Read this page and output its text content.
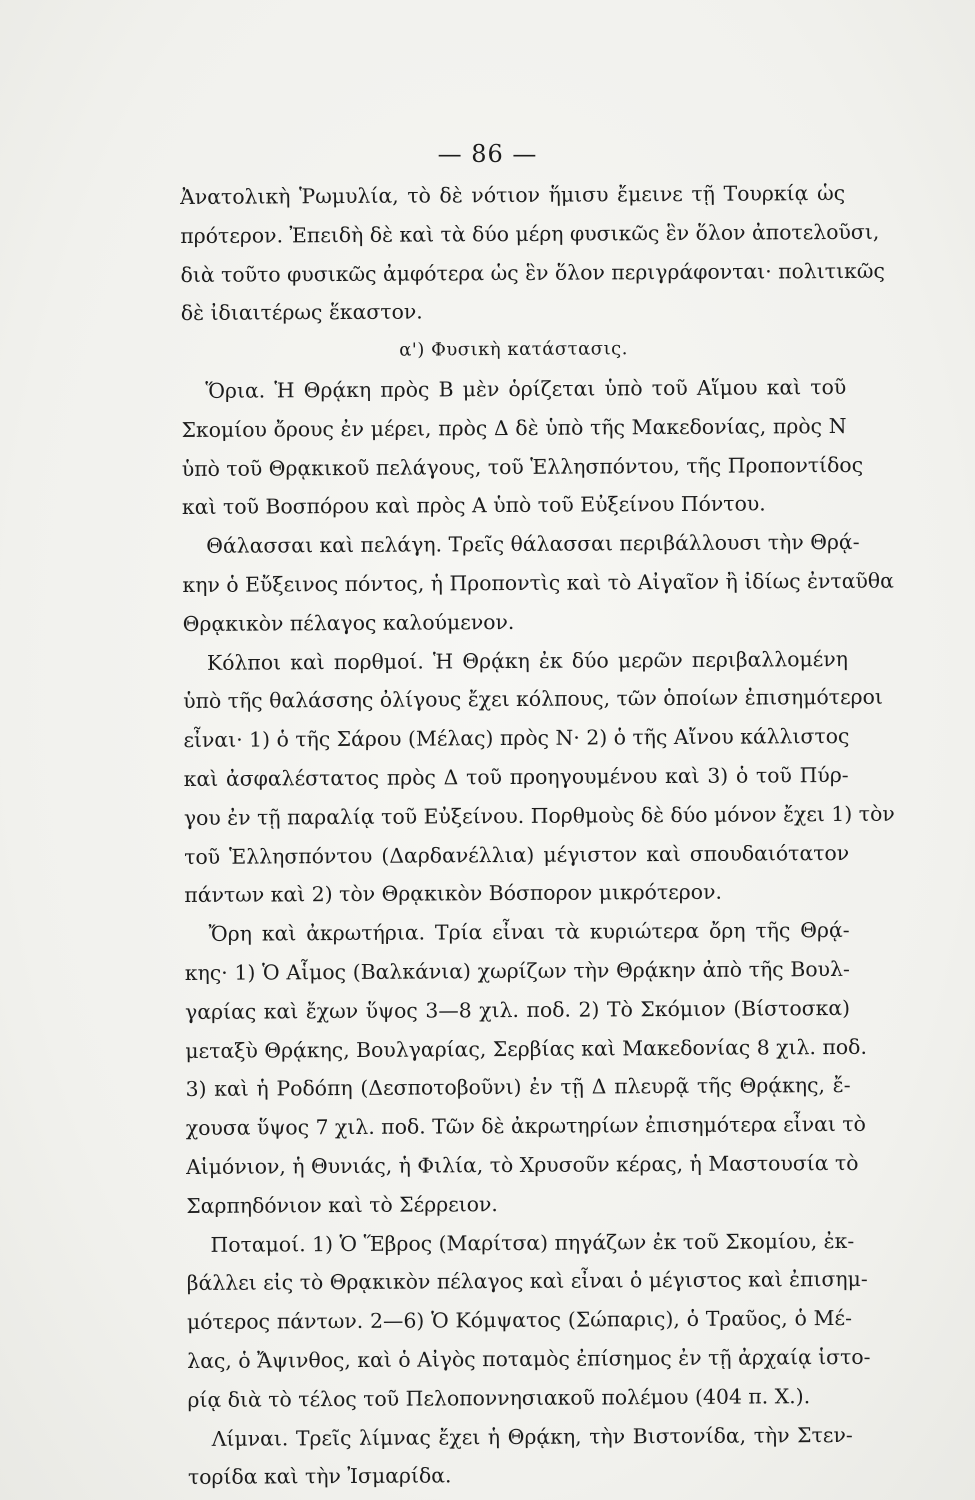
— 86 —
Ἀνατολικὴ Ῥωμυλία, τὸ δὲ νότιον ἥμισυ ἔμεινε τῇ Τουρκίᾳ ὡς
πρότερον. Ἐπειδὴ δὲ καὶ τὰ δύο μέρη φυσικῶς ἓν ὅλον ἀποτελοῦσι,
διὰ τοῦτο φυσικῶς ἀμφότερα ὡς ἓν ὅλον περιγράφονται· πολιτικῶς
δὲ ἰδιαιτέρως ἕκαστον.
α') Φυσικὴ κατάστασις.
Ὅρια. Ἡ Θρᾴκη πρὸς Β μὲν ὁρίζεται ὑπὸ τοῦ Αἵμου καὶ τοῦ
Σκομίου ὄρους ἐν μέρει, πρὸς Δ δὲ ὑπὸ τῆς Μακεδονίας, πρὸς Ν
ὑπὸ τοῦ Θρᾳκικοῦ πελάγους, τοῦ Ἑλλησπόντου, τῆς Προποντίδος
καὶ τοῦ Βοσπόρου καὶ πρὸς Α ὑπὸ τοῦ Εὐξείνου Πόντου.
Θάλασσαι καὶ πελάγη. Τρεῖς θάλασσαι περιβάλλουσι τὴν Θρᾴ-
κην ὁ Εὔξεινος πόντος, ἡ Προποντὶς καὶ τὸ Αἰγαῖον ἢ ἰδίως ἐνταῦθα
Θρᾳκικὸν πέλαγος καλούμενον.
Κόλποι καὶ πορθμοί. Ἡ Θρᾴκη ἐκ δύο μερῶν περιβαλλομένη
ὑπὸ τῆς θαλάσσης ὀλίγους ἔχει κόλπους, τῶν ὁποίων ἐπισημότεροι
εἶναι· 1) ὁ τῆς Σάρου (Μέλας) πρὸς Ν· 2) ὁ τῆς Αἴνου κάλλιστος
καὶ ἀσφαλέστατος πρὸς Δ τοῦ προηγουμένου καὶ 3) ὁ τοῦ Πύρ-
γου ἐν τῇ παραλίᾳ τοῦ Εὐξείνου. Πορθμοὺς δὲ δύο μόνον ἔχει 1) τὸν
τοῦ Ἑλλησπόντου (Δαρδανέλλια) μέγιστον καὶ σπουδαιότατον
πάντων καὶ 2) τὸν Θρᾳκικὸν Βόσπορον μικρότερον.
Ὄρη καὶ ἀκρωτήρια. Τρία εἶναι τὰ κυριώτερα ὄρη τῆς Θρᾴ-
κης· 1) Ὁ Αἷμος (Βαλκάνια) χωρίζων τὴν Θρᾴκην ἀπὸ τῆς Βουλ-
γαρίας καὶ ἔχων ὕψος 3—8 χιλ. ποδ. 2) Τὸ Σκόμιον (Βίστοσκα)
μεταξὺ Θρᾴκης, Βουλγαρίας, Σερβίας καὶ Μακεδονίας 8 χιλ. ποδ.
3) καὶ ἡ Ροδόπη (Δεσποτοβοῦνι) ἐν τῇ Δ πλευρᾷ τῆς Θρᾴκης, ἔ-
χουσα ὕψος 7 χιλ. ποδ. Τῶν δὲ ἀκρωτηρίων ἐπισημότερα εἶναι τὸ
Αἱμόνιον, ἡ Θυνιάς, ἡ Φιλία, τὸ Χρυσοῦν κέρας, ἡ Μαστουσία τὸ
Σαρπηδόνιον καὶ τὸ Σέρρειον.
Ποταμοί. 1) Ὁ Ἕβρος (Μαρίτσα) πηγάζων ἐκ τοῦ Σκομίου, ἐκ-
βάλλει εἰς τὸ Θρᾳκικὸν πέλαγος καὶ εἶναι ὁ μέγιστος καὶ ἐπισημ-
μότερος πάντων. 2—6) Ὁ Κόμψατος (Σώπαρις), ὁ Τραῦος, ὁ Μέ-
λας, ὁ Ἄψινθος, καὶ ὁ Αἰγὸς ποταμὸς ἐπίσημος ἐν τῇ ἀρχαίᾳ ἱστο-
ρίᾳ διὰ τὸ τέλος τοῦ Πελοποννησιακοῦ πολέμου (404 π. Χ.).
Λίμναι. Τρεῖς λίμνας ἔχει ἡ Θρᾴκη, τὴν Βιστονίδα, τὴν Στεν-
τορίδα καὶ τὴν Ἰσμαρίδα.
